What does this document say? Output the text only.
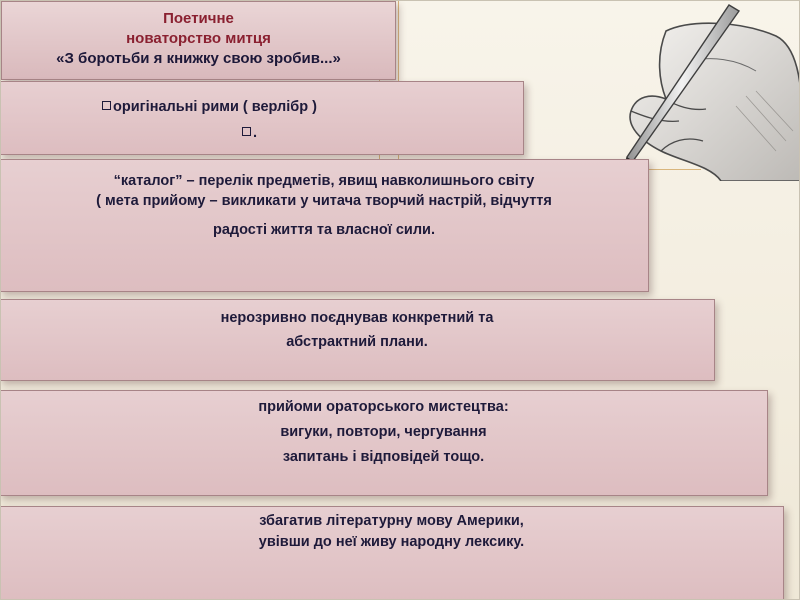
Поетичне
новаторство митця
«З боротьби я книжку свою зробив...»
оригінальні рими ( верлібр )
.
“каталог” – перелік предметів, явищ навколишнього світу
( мета прийому – викликати у читача творчий настрій, відчуття
радості життя та власної сили.
нерозривно поєднував конкретний та
абстрактний плани.
прийоми ораторського мистецтва:
вигуки, повтори, чергування
запитань і відповідей тощо.
збагатив літературну мову Америки,
увівши до неї живу народну лексику.
